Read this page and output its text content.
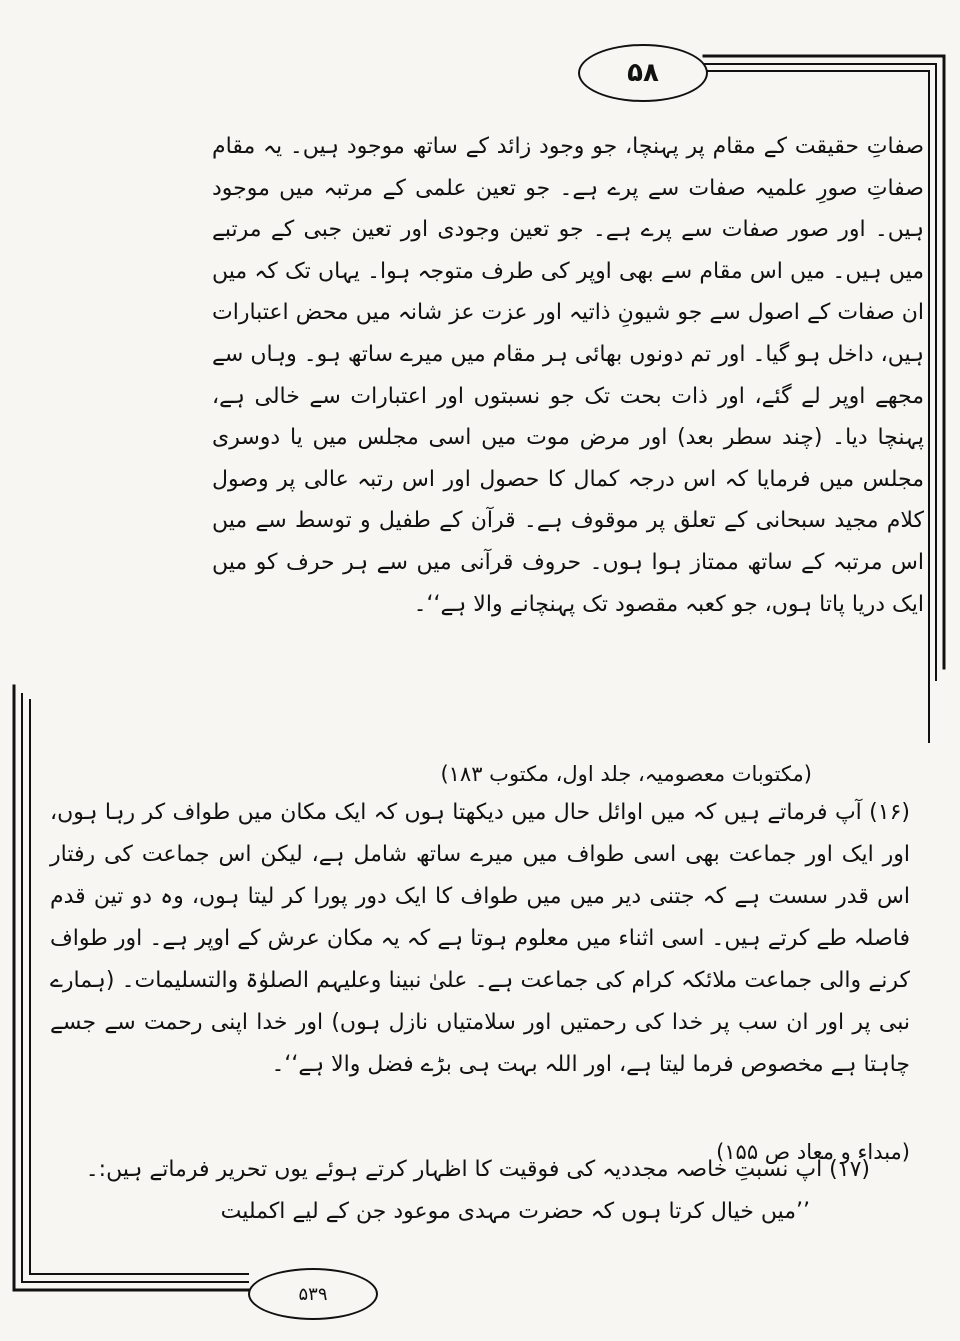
۵۸

صفاتِ حقیقت کے مقام پر پہنچا، جو وجود زائد کے ساتھ موجود ہیں۔ یہ مقام صفاتِ صورِ علمیہ صفات سے پرے ہے۔ جو تعین علمی کے مرتبہ میں موجود ہیں۔ اور صور صفات سے پرے ہے۔ جو تعین وجودی اور تعین جبی کے مرتبے میں ہیں۔ میں اس مقام سے بھی اوپر کی طرف متوجہ ہوا۔ یہاں تک کہ میں ان صفات کے اصول سے جو شیونِ ذاتیہ اور عزت عز شانہ میں محض اعتبارات ہیں، داخل ہو گیا۔ اور تم دونوں بھائی ہر مقام میں میرے ساتھ ہو۔ وہاں سے مجھے اوپر لے گئے، اور ذات بحت تک جو نسبتوں اور اعتبارات سے خالی ہے، پہنچا دیا۔ (چند سطر بعد) اور مرض موت میں اسی مجلس میں یا دوسری مجلس میں فرمایا کہ اس درجہ کمال کا حصول اور اس رتبہ عالی پر وصول کلام مجید سبحانی کے تعلق پر موقوف ہے۔ قرآن کے طفیل و توسط سے میں اس مرتبہ کے ساتھ ممتاز ہوا ہوں۔ حروف قرآنی میں سے ہر حرف کو میں ایک دریا پاتا ہوں، جو کعبہ مقصود تک پہنچانے والا ہے‘‘۔

(مکتوبات معصومیہ، جلد اول، مکتوب ۱۸۳)

(۱۶) آپ فرماتے ہیں کہ میں اوائل حال میں دیکھتا ہوں کہ ایک مکان میں طواف کر رہا ہوں، اور ایک اور جماعت بھی اسی طواف میں میرے ساتھ شامل ہے، لیکن اس جماعت کی رفتار اس قدر سست ہے کہ جتنی دیر میں میں طواف کا ایک دور پورا کر لیتا ہوں، وہ دو تین قدم فاصلہ طے کرتے ہیں۔ اسی اثناء میں معلوم ہوتا ہے کہ یہ مکان عرش کے اوپر ہے۔ اور طواف کرنے والی جماعت ملائکہ کرام کی جماعت ہے۔ علیٰ نبینا وعلیہم الصلوٰۃ والتسلیمات۔ (ہمارے نبی پر اور ان سب پر خدا کی رحمتیں اور سلامتیاں نازل ہوں) اور خدا اپنی رحمت سے جسے چاہتا ہے مخصوص فرما لیتا ہے، اور اللہ بہت ہی بڑے فضل والا ہے‘‘۔

(مبداء و معاد ص ۱۵۵)

(۱۷) آپ نسبتِ خاصہ مجددیہ کی فوقیت کا اظہار کرتے ہوئے یوں تحریر فرماتے ہیں:۔

’’میں خیال کرتا ہوں کہ حضرت مہدی موعود جن کے لیے اکملیت

۵۳۹
